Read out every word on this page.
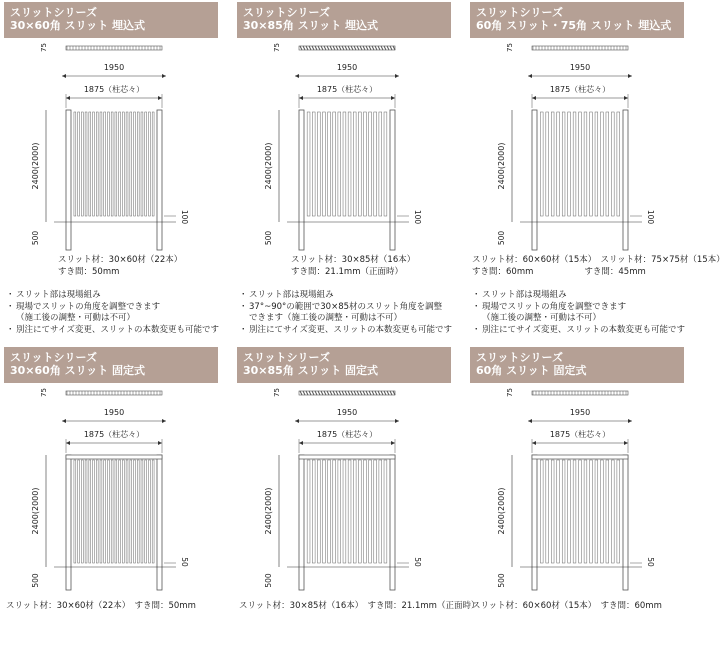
スリットシリーズ
30×60角 スリット 埋込式
75
1950
1875（柱芯々）
2400(2000)
500
100
スリット材：30×60材（22本）
すき間：50mm
・スリット部は現場組み
・現場でスリットの角度を調整できます
（施工後の調整・可動は不可）
・別注にてサイズ変更、スリットの本数変更も可能です
スリットシリーズ
30×85角 スリット 埋込式
75
1950
1875（柱芯々）
2400(2000)
500
100
スリット材：30×85材（16本）
すき間：21.1mm（正面時）
・スリット部は現場組み
・37°~90°の範囲で30×85材のスリット角度を調整
できます（施工後の調整・可動は不可）
・別注にてサイズ変更、スリットの本数変更も可能です
スリットシリーズ
60角 スリット・75角 スリット 埋込式
75
1950
1875（柱芯々）
2400(2000)
500
100
スリット材：60×60材（15本）　スリット材：75×75材（15本）
すき間：60mm　　　　　　すき間：45mm
・スリット部は現場組み
・現場でスリットの角度を調整できます
（施工後の調整・可動は不可）
・別注にてサイズ変更、スリットの本数変更も可能です
スリットシリーズ
30×60角 スリット 固定式
75
1950
1875（柱芯々）
2400(2000)
500
50
スリット材：30×60材（22本）　すき間：50mm
スリットシリーズ
30×85角 スリット 固定式
75
1950
1875（柱芯々）
2400(2000)
500
50
スリット材：30×85材（16本）　すき間：21.1mm（正面時）
スリットシリーズ
60角 スリット 固定式
75
1950
1875（柱芯々）
2400(2000)
500
50
スリット材：60×60材（15本）　すき間：60mm
